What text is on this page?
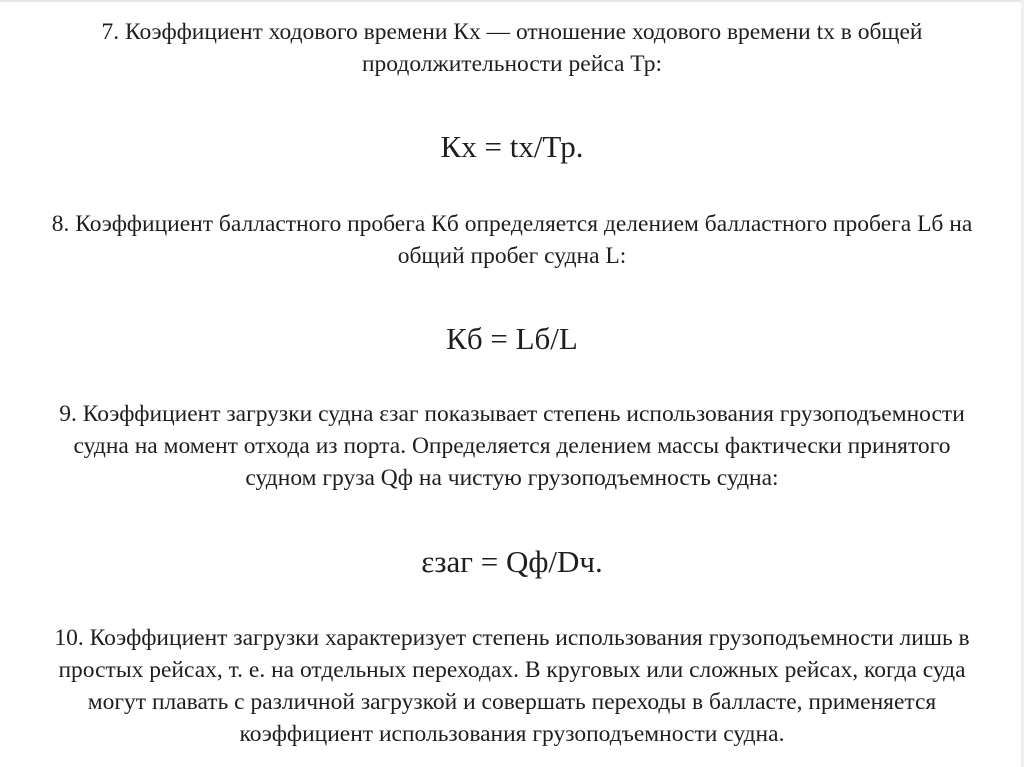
7. Коэффициент ходового времени Кх — отношение ходового времени tх в общей продолжительности рейса Тр:

Кх = tх/Тр.

8. Коэффициент балластного пробега Кб определяется делением балластного пробега Lб на общий пробег судна L:

Кб = Lб/L

9. Коэффициент загрузки судна εзаг показывает степень использования грузоподъемности судна на момент отхода из порта. Определяется делением массы фактически принятого судном груза Qф на чистую грузоподъемность судна:

εзаг = Qф/Dч.

10. Коэффициент загрузки характеризует степень использования грузоподъемности лишь в простых рейсах, т. е. на отдельных переходах. В круговых или сложных рейсах, когда суда могут плавать с различной загрузкой и совершать переходы в балласте, применяется коэффициент использования грузоподъемности судна.
